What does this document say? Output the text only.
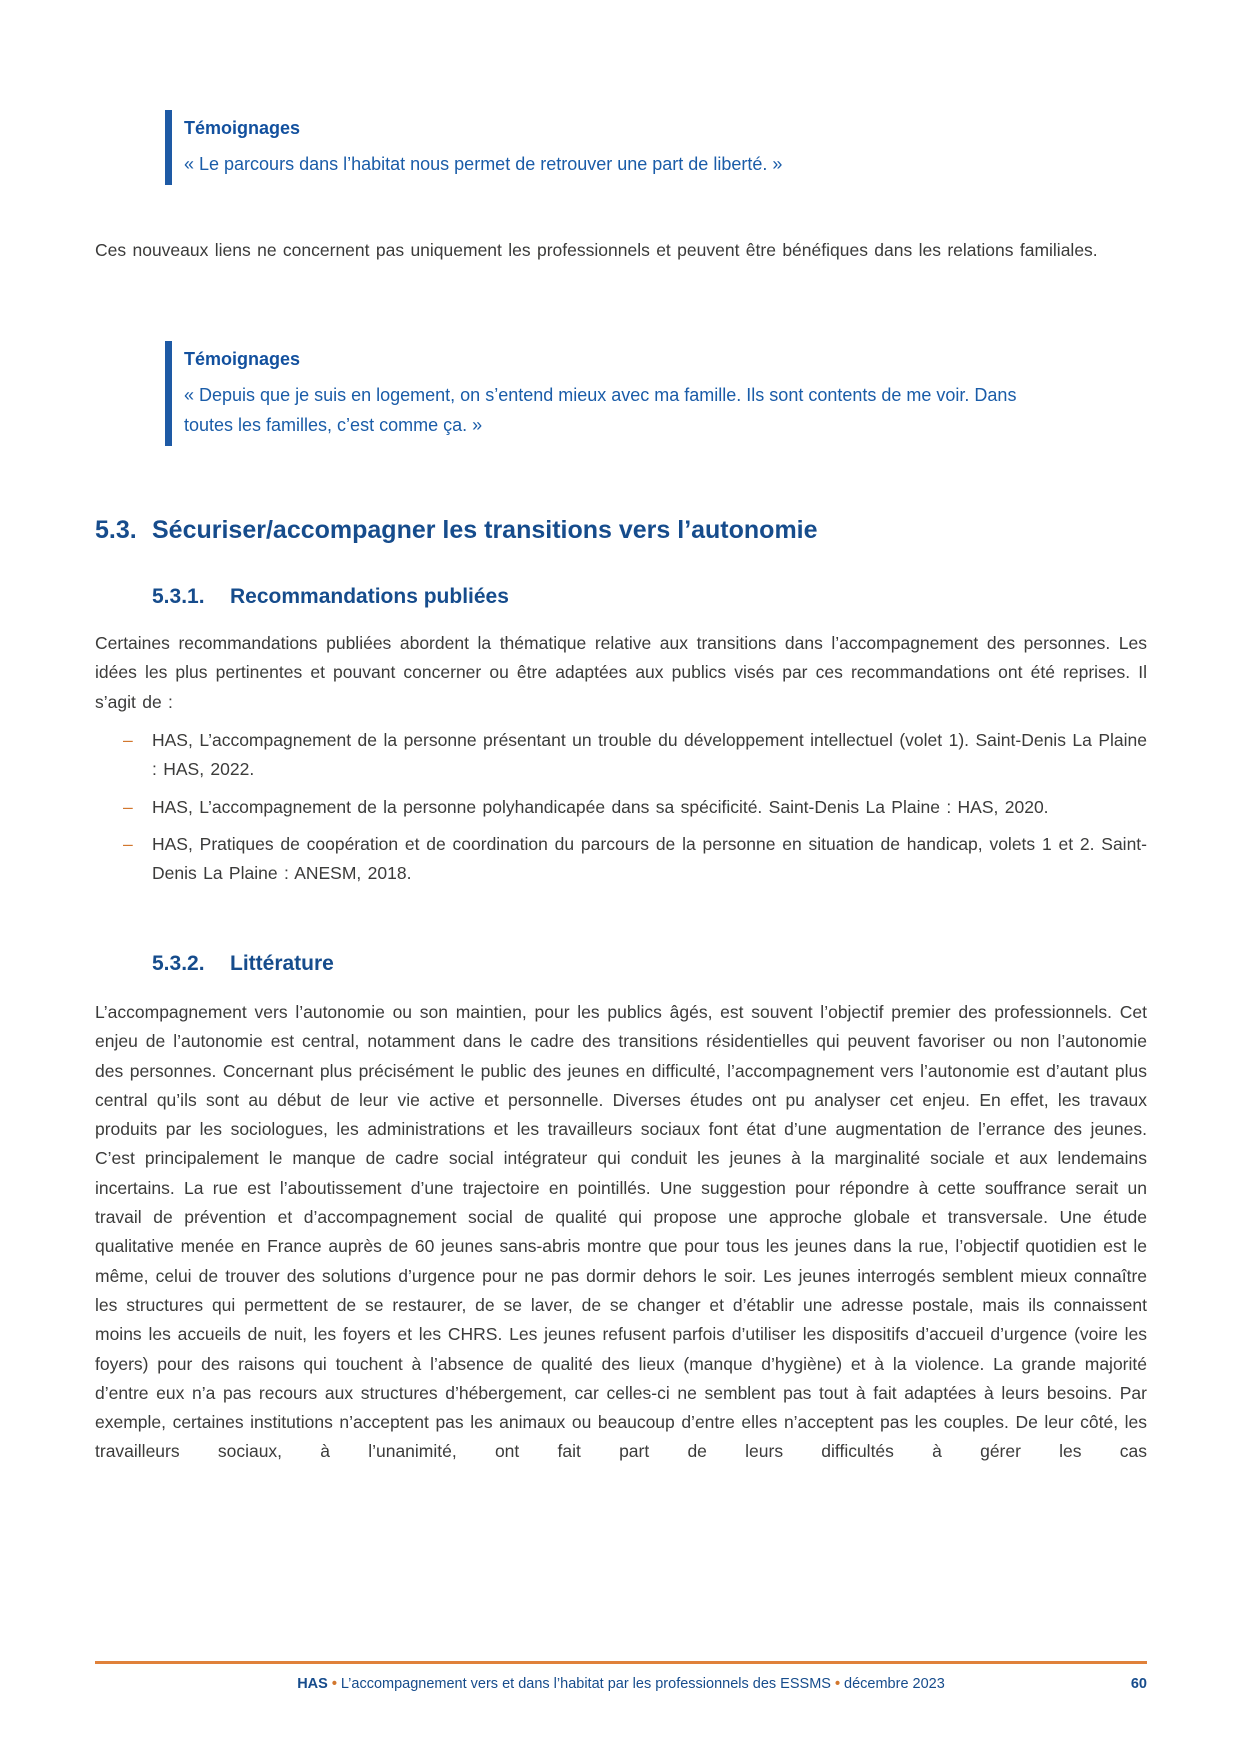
Témoignages
« Le parcours dans l’habitat nous permet de retrouver une part de liberté. »

Ces nouveaux liens ne concernent pas uniquement les professionnels et peuvent être bénéfiques dans les relations familiales.

Témoignages
« Depuis que je suis en logement, on s’entend mieux avec ma famille. Ils sont contents de me voir. Dans toutes les familles, c’est comme ça. »
5.3. Sécuriser/accompagner les transitions vers l’autonomie
5.3.1.	Recommandations publiées

Certaines recommandations publiées abordent la thématique relative aux transitions dans l’accompagnement des personnes. Les idées les plus pertinentes et pouvant concerner ou être adaptées aux publics visés par ces recommandations ont été reprises. Il s’agit de :

–	HAS, L’accompagnement de la personne présentant un trouble du développement intellectuel (volet 1). Saint-Denis La Plaine : HAS, 2022.
–	HAS, L’accompagnement de la personne polyhandicapée dans sa spécificité. Saint-Denis La Plaine : HAS, 2020.
–	HAS, Pratiques de coopération et de coordination du parcours de la personne en situation de handicap, volets 1 et 2. Saint-Denis La Plaine : ANESM, 2018.
5.3.2.	Littérature

L’accompagnement vers l’autonomie ou son maintien, pour les publics âgés, est souvent l’objectif premier des professionnels. Cet enjeu de l’autonomie est central, notamment dans le cadre des transitions résidentielles qui peuvent favoriser ou non l’autonomie des personnes. Concernant plus précisément le public des jeunes en difficulté, l’accompagnement vers l’autonomie est d’autant plus central qu’ils sont au début de leur vie active et personnelle. Diverses études ont pu analyser cet enjeu. En effet, les travaux produits par les sociologues, les administrations et les travailleurs sociaux font état d’une augmentation de l’errance des jeunes. C’est principalement le manque de cadre social intégrateur qui conduit les jeunes à la marginalité sociale et aux lendemains incertains. La rue est l’aboutissement d’une trajectoire en pointillés. Une suggestion pour répondre à cette souffrance serait un travail de prévention et d’accompagnement social de qualité qui propose une approche globale et transversale. Une étude qualitative menée en France auprès de 60 jeunes sans-abris montre que pour tous les jeunes dans la rue, l’objectif quotidien est le même, celui de trouver des solutions d’urgence pour ne pas dormir dehors le soir. Les jeunes interrogés semblent mieux connaître les structures qui permettent de se restaurer, de se laver, de se changer et d’établir une adresse postale, mais ils connaissent moins les accueils de nuit, les foyers et les CHRS. Les jeunes refusent parfois d’utiliser les dispositifs d’accueil d’urgence (voire les foyers) pour des raisons qui touchent à l’absence de qualité des lieux (manque d’hygiène) et à la violence. La grande majorité d’entre eux n’a pas recours aux structures d’hébergement, car celles-ci ne semblent pas tout à fait adaptées à leurs besoins. Par exemple, certaines institutions n’acceptent pas les animaux ou beaucoup d’entre elles n’acceptent pas les couples. De leur côté, les travailleurs sociaux, à l’unanimité, ont fait part de leurs difficultés à gérer les cas

HAS • L’accompagnement vers et dans l’habitat par les professionnels des ESSMS • décembre 2023	60
